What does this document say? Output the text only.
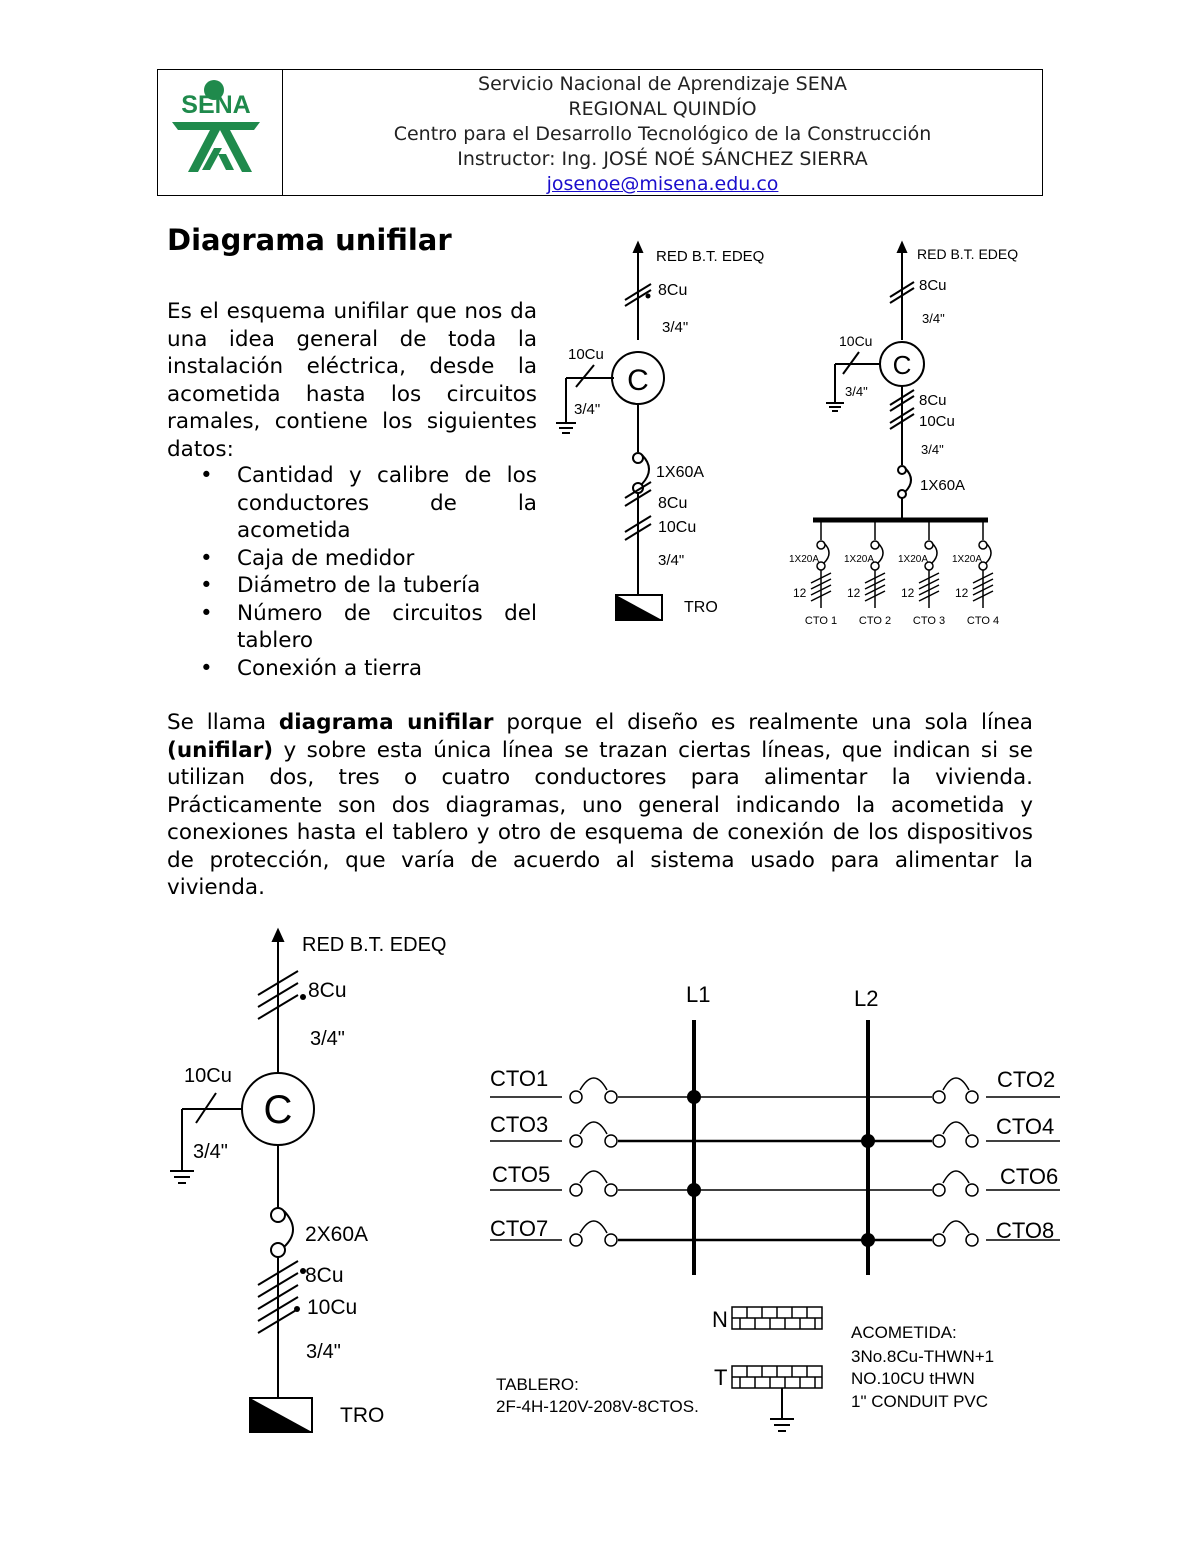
SENA
Servicio Nacional de Aprendizaje SENA
REGIONAL QUINDÍO
Centro para el Desarrollo Tecnológico de la Construcción
Instructor: Ing. JOSÉ NOÉ SÁNCHEZ SIERRA
josenoe@misena.edu.co
Diagrama unifilar

Es el esquema unifilar que nos da una idea general de toda la instalación eléctrica, desde la acometida hasta los circuitos ramales, contiene los siguientes datos:

• Cantidad y calibre de los conductores de la acometida
• Caja de medidor
• Diámetro de la tubería
• Número de circuitos del tablero
• Conexión a tierra

Se llama diagrama unifilar porque el diseño es realmente una sola línea (unifilar) y sobre esta única línea se trazan ciertas líneas, que indican si se utilizan dos, tres o cuatro conductores para alimentar la vivienda. Prácticamente son dos diagramas, uno general indicando la acometida y conexiones hasta el tablero y otro de esquema de conexión de los dispositivos de protección, que varía de acuerdo al sistema usado para alimentar la vivienda.

RED B.T. EDEQ
8Cu
3/4"
10Cu
C
3/4"
1X60A
8Cu
10Cu
3/4"
TRO
RED B.T. EDEQ
8Cu
3/4"
10Cu
C
3/4"
8Cu
10Cu
3/4"
1X60A
1X20A 1X20A 1X20A 1X20A
12	12	12	12
CTO 1 CTO 2 CTO 3 CTO 4
RED B.T. EDEQ
8Cu
3/4"
10Cu
C
3/4"
2X60A
8Cu
10Cu
3/4"
TRO
L1	L2
CTO1
CTO3
CTO5
CTO7
CTO2
CTO4
CTO6
CTO8
N
T
TABLERO:
2F-4H-120V-208V-8CTOS.
ACOMETIDA:
3No.8Cu-THWN+1
NO.10CU tHWN
1" CONDUIT PVC
